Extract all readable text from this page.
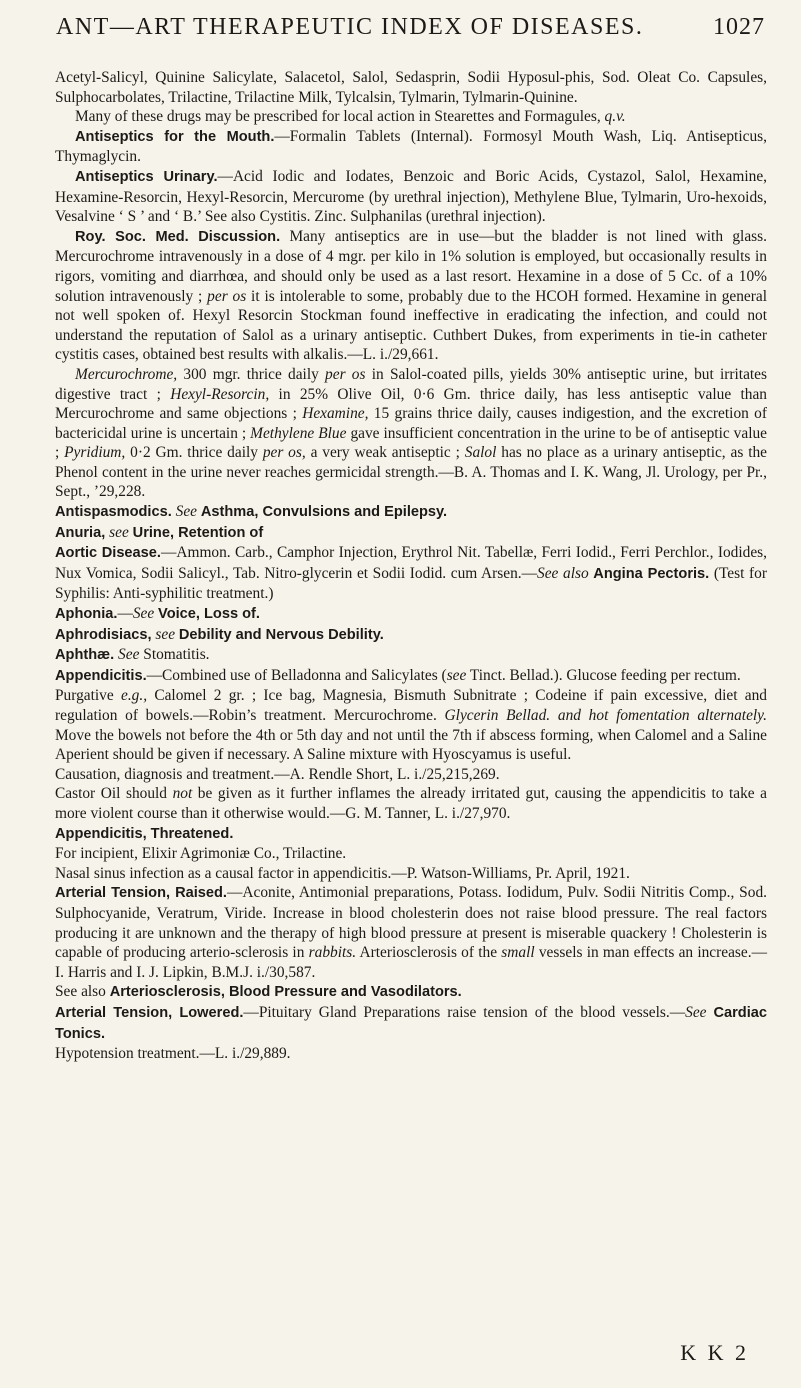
ANT—ART THERAPEUTIC INDEX OF DISEASES.	1027

Acetyl-Salicyl, Quinine Salicylate, Salacetol, Salol, Sedasprin, Sodii Hyposul-phis, Sod. Oleat Co. Capsules, Sulphocarbolates, Trilactine, Trilactine Milk, Tylcalsin, Tylmarin, Tylmarin-Quinine.

Many of these drugs may be prescribed for local action in Stearettes and Formagules, q.v.

Antiseptics for the Mouth.—Formalin Tablets (Internal). Formosyl Mouth Wash, Liq. Antisepticus, Thymaglycin.

Antiseptics Urinary.—Acid Iodic and Iodates, Benzoic and Boric Acids, Cystazol, Salol, Hexamine, Hexamine-Resorcin, Hexyl-Resorcin, Mercurome (by urethral injection), Methylene Blue, Tylmarin, Uro-hexoids, Vesalvine ‘ S ’ and ‘ B.’ See also Cystitis. Zinc. Sulphanilas (urethral injection).

Roy. Soc. Med. Discussion. Many antiseptics are in use—but the bladder is not lined with glass. Mercurochrome intravenously in a dose of 4 mgr. per kilo in 1% solution is employed, but occasionally results in rigors, vomiting and diarrhœa, and should only be used as a last resort. Hexamine in a dose of 5 Cc. of a 10% solution intravenously ; per os it is intolerable to some, probably due to the HCOH formed. Hexamine in general not well spoken of. Hexyl Resorcin Stockman found ineffective in eradicating the infection, and could not understand the reputation of Salol as a urinary antiseptic. Cuthbert Dukes, from experiments in tie-in catheter cystitis cases, obtained best results with alkalis.—L. i./29,661.

Mercurochrome, 300 mgr. thrice daily per os in Salol-coated pills, yields 30% antiseptic urine, but irritates digestive tract ; Hexyl-Resorcin, in 25% Olive Oil, 0·6 Gm. thrice daily, has less antiseptic value than Mercurochrome and same objections ; Hexamine, 15 grains thrice daily, causes indigestion, and the excretion of bactericidal urine is uncertain ; Methylene Blue gave insufficient concentration in the urine to be of antiseptic value ; Pyridium, 0·2 Gm. thrice daily per os, a very weak antiseptic ; Salol has no place as a urinary antiseptic, as the Phenol content in the urine never reaches germicidal strength.—B. A. Thomas and I. K. Wang, Jl. Urology, per Pr., Sept., ’29,228.

Antispasmodics. See Asthma, Convulsions and Epilepsy.

Anuria, see Urine, Retention of

Aortic Disease.—Ammon. Carb., Camphor Injection, Erythrol Nit. Tabellæ, Ferri Iodid., Ferri Perchlor., Iodides, Nux Vomica, Sodii Salicyl., Tab. Nitro-glycerin et Sodii Iodid. cum Arsen.—See also Angina Pectoris. (Test for Syphilis: Anti-syphilitic treatment.)

Aphonia.—See Voice, Loss of.

Aphrodisiacs, see Debility and Nervous Debility.

Aphthæ. See Stomatitis.

Appendicitis.—Combined use of Belladonna and Salicylates (see Tinct. Bellad.). Glucose feeding per rectum.

Purgative e.g., Calomel 2 gr. ; Ice bag, Magnesia, Bismuth Subnitrate ; Codeine if pain excessive, diet and regulation of bowels.—Robin’s treatment. Mercurochrome. Glycerin Bellad. and hot fomentation alternately. Move the bowels not before the 4th or 5th day and not until the 7th if abscess forming, when Calomel and a Saline Aperient should be given if necessary. A Saline mixture with Hyoscyamus is useful.

Causation, diagnosis and treatment.—A. Rendle Short, L. i./25,215,269.

Castor Oil should not be given as it further inflames the already irritated gut, causing the appendicitis to take a more violent course than it otherwise would.—G. M. Tanner, L. i./27,970.

Appendicitis, Threatened.

For incipient, Elixir Agrimoniæ Co., Trilactine.

Nasal sinus infection as a causal factor in appendicitis.—P. Watson-Williams, Pr. April, 1921.

Arterial Tension, Raised.—Aconite, Antimonial preparations, Potass. Iodidum, Pulv. Sodii Nitritis Comp., Sod. Sulphocyanide, Veratrum, Viride. Increase in blood cholesterin does not raise blood pressure. The real factors producing it are unknown and the therapy of high blood pressure at present is miserable quackery ! Cholesterin is capable of producing arterio-sclerosis in rabbits. Arteriosclerosis of the small vessels in man effects an increase.—I. Harris and I. J. Lipkin, B.M.J. i./30,587.

See also Arteriosclerosis, Blood Pressure and Vasodilators.

Arterial Tension, Lowered.—Pituitary Gland Preparations raise tension of the blood vessels.—See Cardiac Tonics.

Hypotension treatment.—L. i./29,889.

K K 2
